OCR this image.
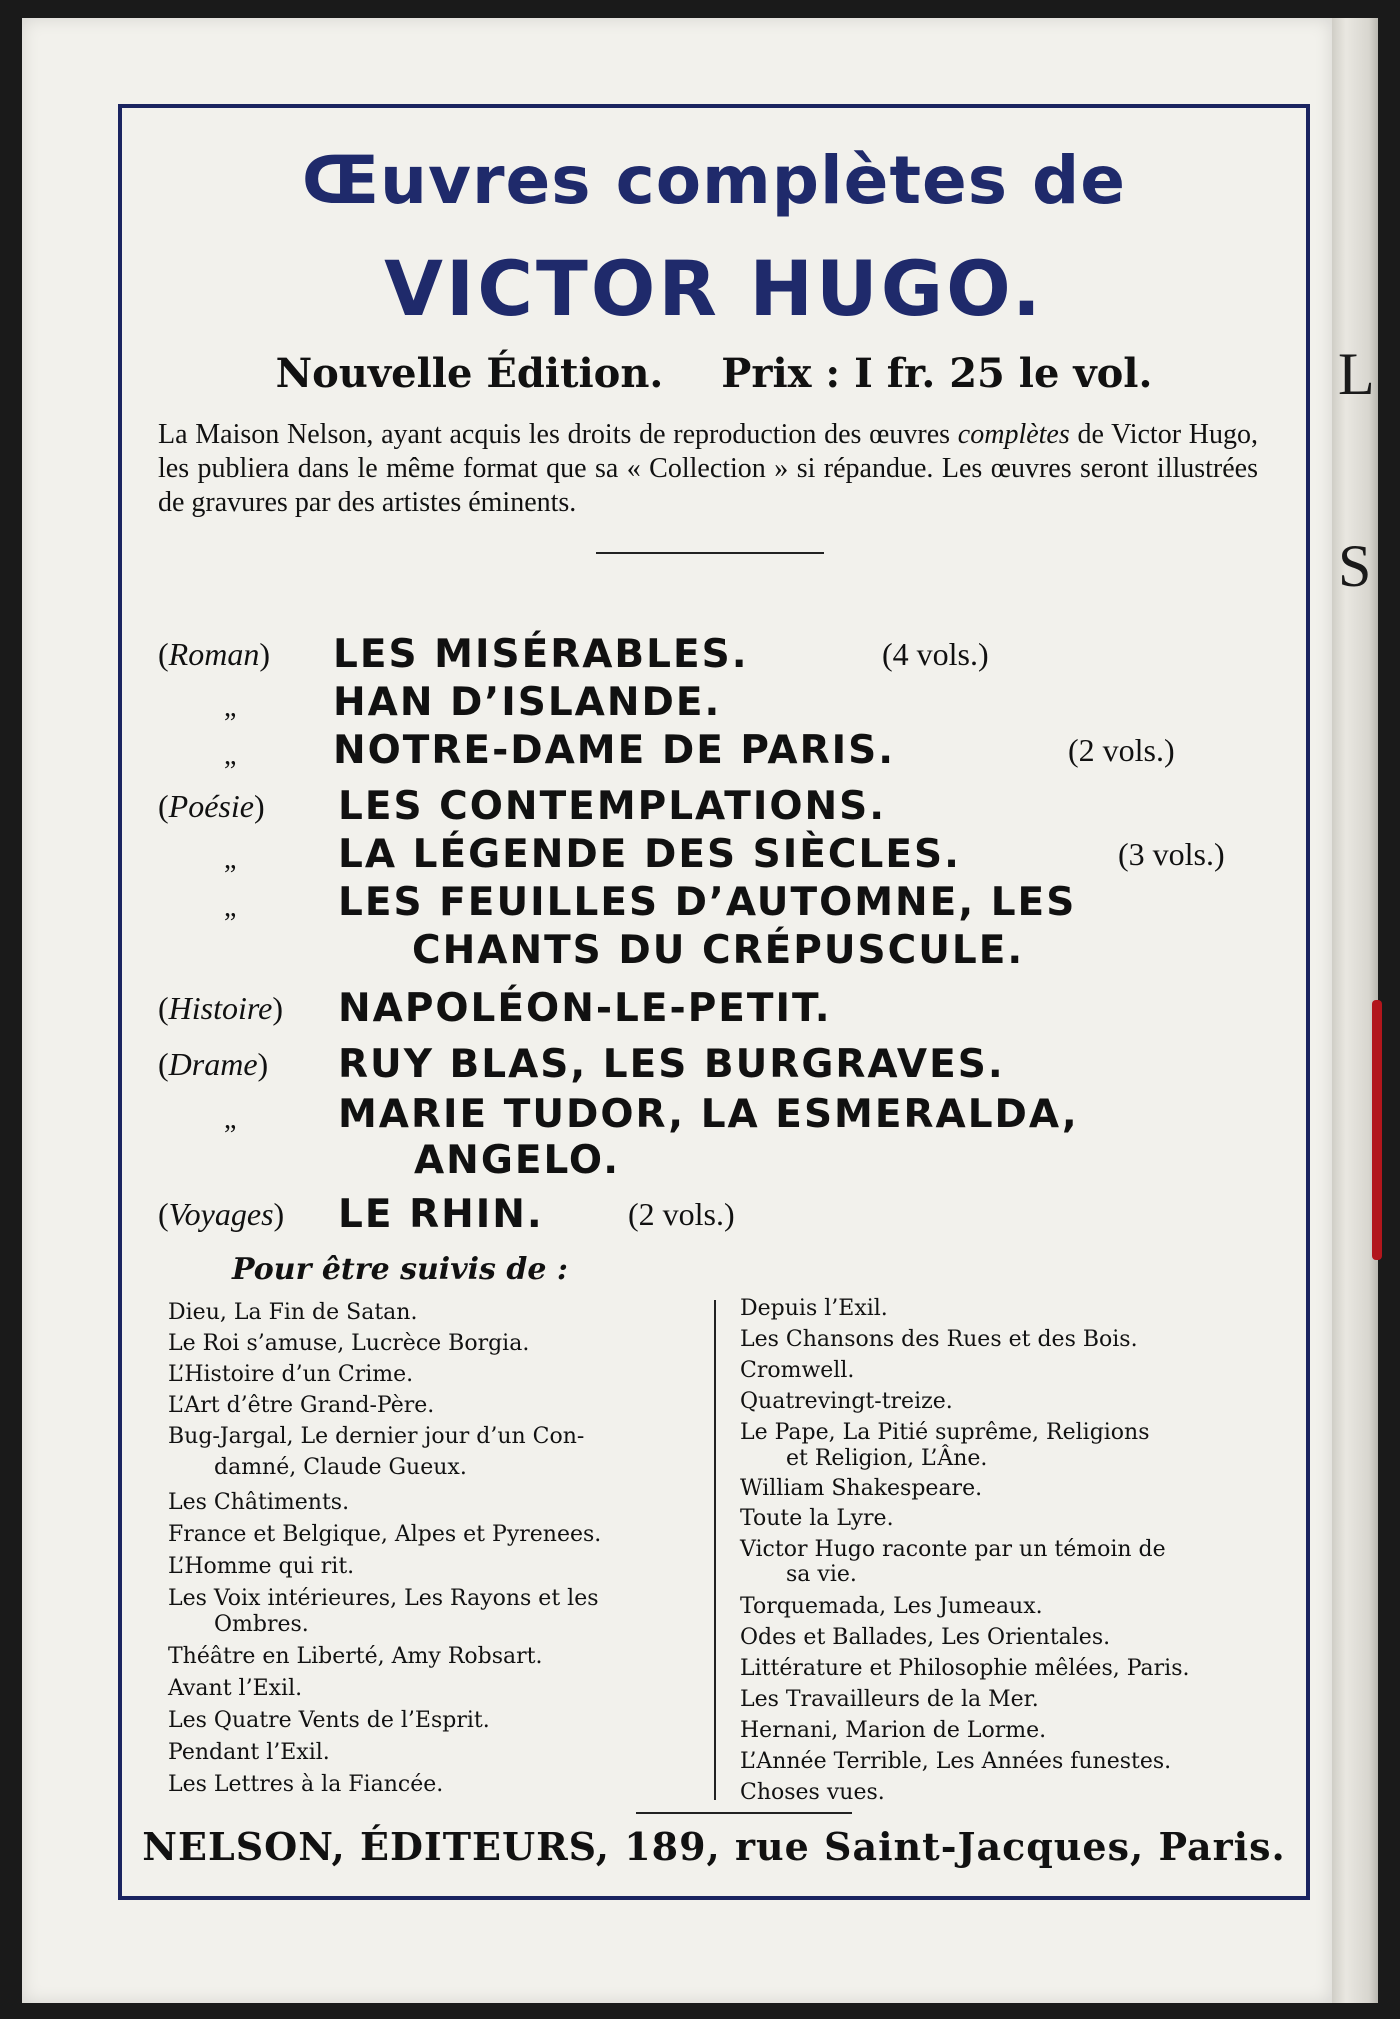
L
S
Œuvres complètes de
VICTOR HUGO.
Nouvelle Édition. Prix : I fr. 25 le vol.
La Maison Nelson, ayant acquis les droits de reproduction des œuvres complètes de Victor Hugo, les publiera dans le même format que sa « Collection » si répandue. Les œuvres seront illustrées de gravures par des artistes éminents.
(Roman) LES MISÉRABLES.	(4 vols.)
„ HAN D’ISLANDE.
„ NOTRE-DAME DE PARIS.	(2 vols.)
(Poésie) LES CONTEMPLATIONS.
„	LA LÉGENDE DES SIÈCLES.	(3 vols.)
„	LES FEUILLES D’AUTOMNE, LES
CHANTS DU CRÉPUSCULE.
(Histoire) NAPOLÉON-LE-PETIT.
(Drame) RUY BLAS, LES BURGRAVES.
„	MARIE TUDOR, LA ESMERALDA,
ANGELO.
(Voyages) LE RHIN.	(2 vols.)
Pour être suivis de :
Dieu, La Fin de Satan.
Le Roi s’amuse, Lucrèce Borgia.
L’Histoire d’un Crime.
L’Art d’être Grand-Père.
Bug-Jargal, Le dernier jour d’un Con-
damné, Claude Gueux.
Les Châtiments.
France et Belgique, Alpes et Pyrenees.
L’Homme qui rit.
Les Voix intérieures, Les Rayons et les
Ombres.
Théâtre en Liberté, Amy Robsart.
Avant l’Exil.
Les Quatre Vents de l’Esprit.
Pendant l’Exil.
Les Lettres à la Fiancée.
Depuis l’Exil.
Les Chansons des Rues et des Bois.
Cromwell.
Quatrevingt-treize.
Le Pape, La Pitié suprême, Religions
et Religion, L’Âne.
William Shakespeare.
Toute la Lyre.
Victor Hugo raconte par un témoin de
sa vie.
Torquemada, Les Jumeaux.
Odes et Ballades, Les Orientales.
Littérature et Philosophie mêlées, Paris.
Les Travailleurs de la Mer.
Hernani, Marion de Lorme.
L’Année Terrible, Les Années funestes.
Choses vues.
NELSON, ÉDITEURS, 189, rue Saint-Jacques, Paris.
